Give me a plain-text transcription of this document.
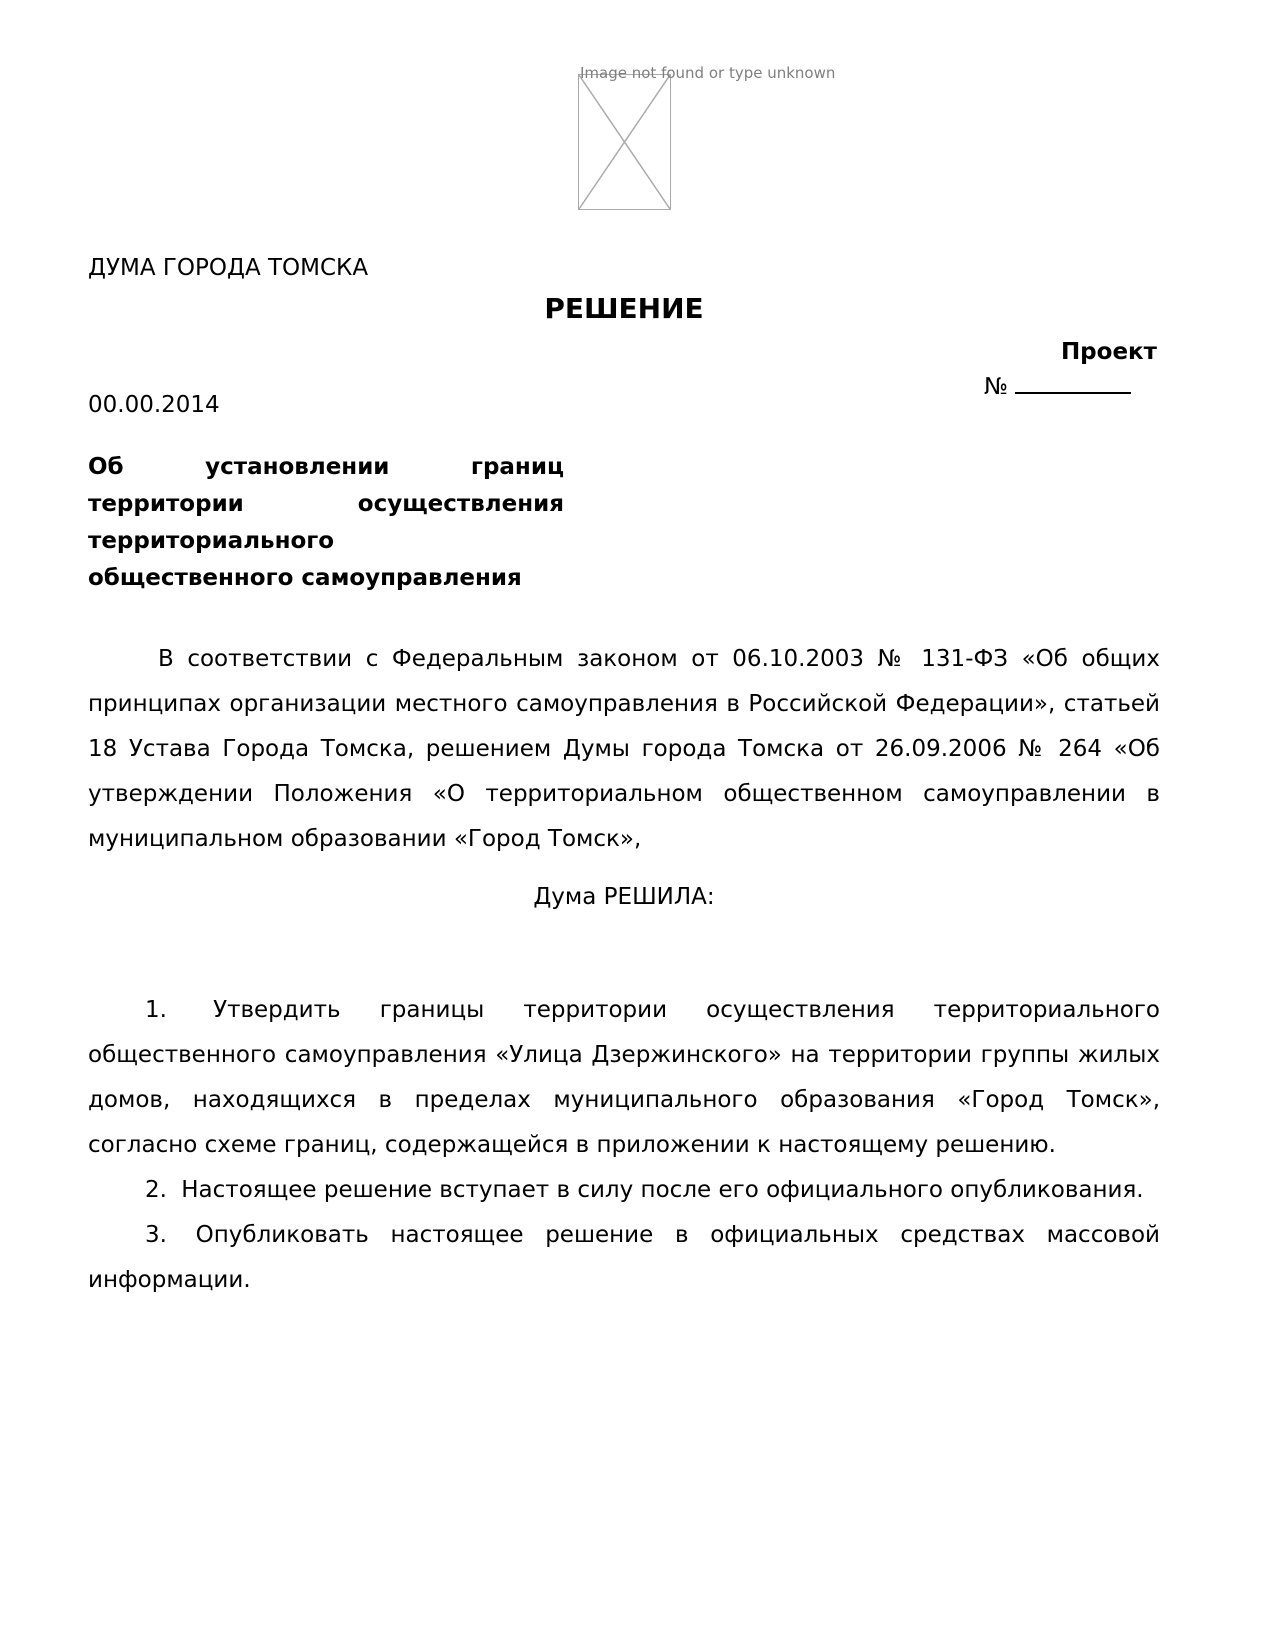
Image not found or type unknown
ДУМА ГОРОДА ТОМСКА
РЕШЕНИЕ
Проект
№
00.00.2014
Об установлении границ
территории осуществления
территориального
общественного самоуправления
В соответствии с Федеральным законом от 06.10.2003 № 131-ФЗ «Об общих принципах организации местного самоуправления в Российской Федерации», статьей 18 Устава Города Томска, решением Думы города Томска от 26.09.2006 № 264 «Об утверждении Положения «О территориальном общественном самоуправлении в муниципальном образовании «Город Томск»,
Дума РЕШИЛА:

1. Утвердить границы территории осуществления территориального общественного самоуправления «Улица Дзержинского» на территории группы жилых домов, находящихся в пределах муниципального образования «Город Томск», согласно схеме границ, содержащейся в приложении к настоящему решению.

2. Настоящее решение вступает в силу после его официального опубликования.

3. Опубликовать настоящее решение в официальных средствах массовой информации.
